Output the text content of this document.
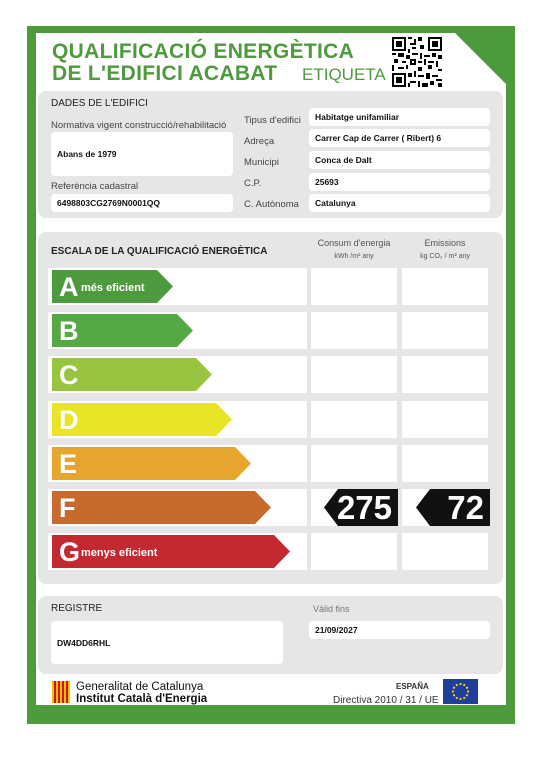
QUALIFICACIÓ ENERGÈTICA
DE L'EDIFICI ACABAT ETIQUETA
DADES DE L'EDIFICI
Normativa vigent construcció/rehabilitació
Abans de 1979
Referència cadastral
6498803CG2769N0001QQ
Tipus d'edifici	Habitatge unifamiliar
Adreça	Carrer Cap de Carrer ( Ribert) 6
Municipi	Conca de Dalt
C.P.	25693
C. Autònoma	Catalunya
ESCALA DE LA QUALIFICACIÓ ENERGÈTICA
Consum d'energia
kWh /m² any
Emissions
kg CO₂ / m² any
A més eficient
B
C
D
E
F	275 72
G menys eficient
REGISTRE
DW4DD6RHL
Vàlid fins
21/09/2027
Generalitat de Catalunya
Institut Català d'Energia
ESPAÑA
Directiva 2010 / 31 / UE
